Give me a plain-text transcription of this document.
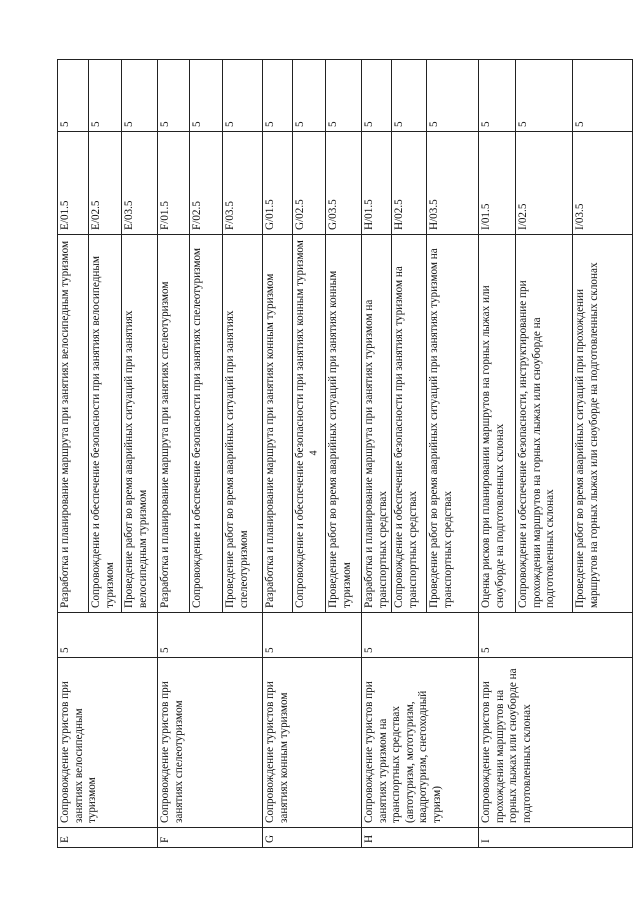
4
E	Сопровождение туристов при занятиях велосипедным туризмом	5	Разработка и планирование маршрута при занятиях велосипедным туризмом	E/01.5	5
			Сопровождение и обеспечение безопасности при занятиях велосипедным туризмом	E/02.5	5
			Проведение работ во время аварийных ситуаций при занятиях велосипедным туризмом	E/03.5	5
F	Сопровождение туристов при занятиях спелеотуризмом	5	Разработка и планирование маршрута при занятиях спелеотуризмом	F/01.5	5
			Сопровождение и обеспечение безопасности при занятиях спелеотуризмом	F/02.5	5
			Проведение работ во время аварийных ситуаций при занятиях спелеотуризмом	F/03.5	5
G	Сопровождение туристов при занятиях конным туризмом	5	Разработка и планирование маршрута при занятиях конным туризмом	G/01.5	5
			Сопровождение и обеспечение безопасности при занятиях конным туризмом	G/02.5	5
			Проведение работ во время аварийных ситуаций при занятиях конным туризмом	G/03.5	5
H	Сопровождение туристов при занятиях туризмом на транспортных средствах (автотуризм, мототуризм, квадротуризм, снегоходный туризм)	5	Разработка и планирование маршрута при занятиях туризмом на транспортных средствах	H/01.5	5
			Сопровождение и обеспечение безопасности при занятиях туризмом на транспортных средствах	H/02.5	5
			Проведение работ во время аварийных ситуаций при занятиях туризмом на транспортных средствах	H/03.5	5
I	Сопровождение туристов при прохождении маршрутов на горных лыжах или сноуборде на подготовленных склонах	5	Оценка рисков при планировании маршрутов на горных лыжах или сноуборде на подготовленных склонах	I/01.5	5
			Сопровождение и обеспечение безопасности, инструктирование при прохождении маршрутов на горных лыжах или сноуборде на подготовленных склонах	I/02.5	5
			Проведение работ во время аварийных ситуаций при прохождении маршрутов на горных лыжах или сноуборде на подготовленных склонах	I/03.5	5
